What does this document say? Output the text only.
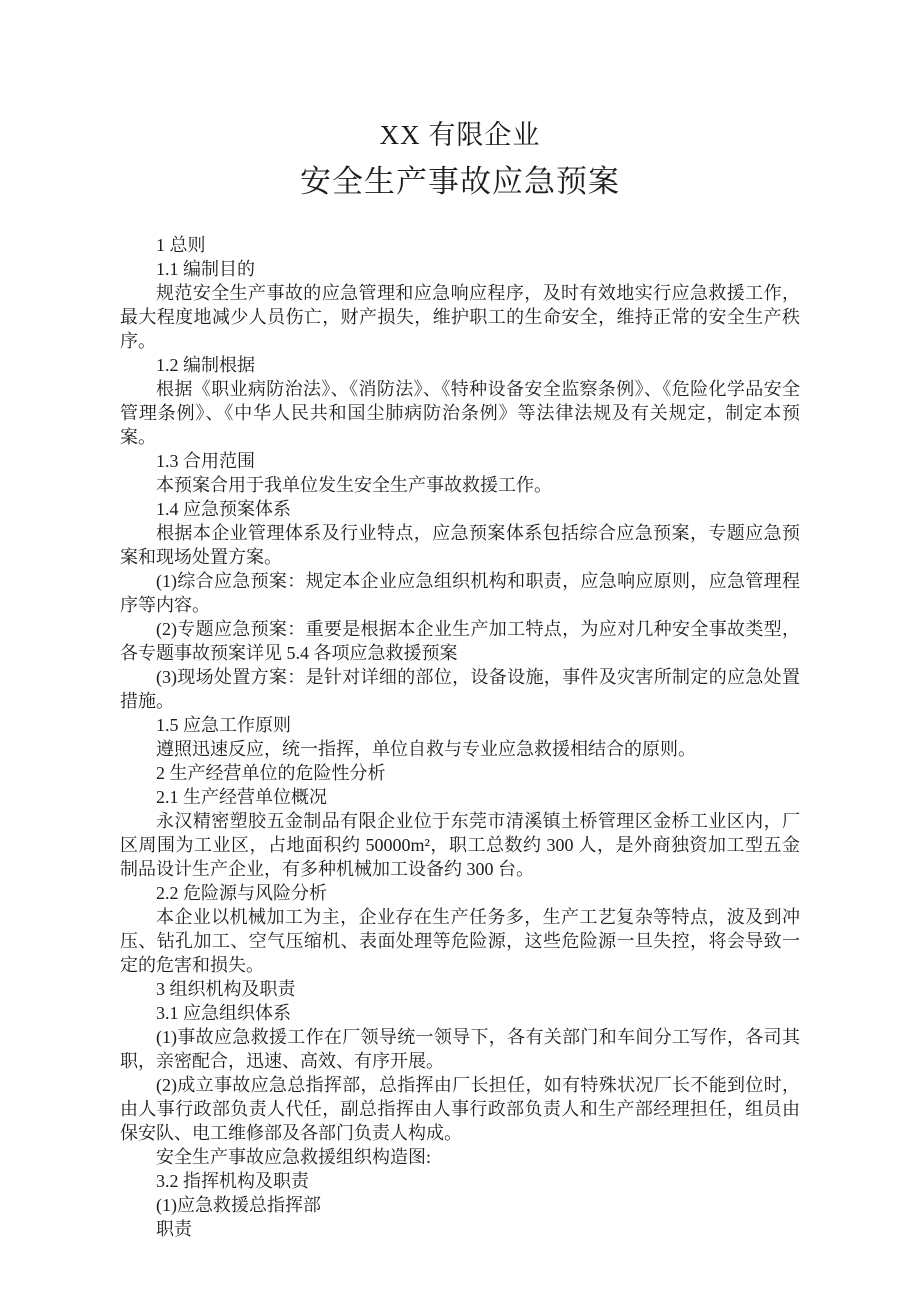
XX 有限企业
安全生产事故应急预案

1 总则

1.1 编制目的

规范安全生产事故的应急管理和应急响应程序，及时有效地实行应急救援工作，最大程度地减少人员伤亡，财产损失，维护职工的生命安全，维持正常的安全生产秩序。

1.2 编制根据

根据《职业病防治法》、《消防法》、《特种设备安全监察条例》、《危险化学品安全管理条例》、《中华人民共和国尘肺病防治条例》等法律法规及有关规定，制定本预案。

1.3 合用范围

本预案合用于我单位发生安全生产事故救援工作。

1.4 应急预案体系

根据本企业管理体系及行业特点，应急预案体系包括综合应急预案，专题应急预案和现场处置方案。

(1)综合应急预案：规定本企业应急组织机构和职责，应急响应原则，应急管理程序等内容。

(2)专题应急预案：重要是根据本企业生产加工特点，为应对几种安全事故类型，各专题事故预案详见 5.4 各项应急救援预案

(3)现场处置方案：是针对详细的部位，设备设施，事件及灾害所制定的应急处置措施。

1.5 应急工作原则

遵照迅速反应，统一指挥，单位自救与专业应急救援相结合的原则。

2 生产经营单位的危险性分析

2.1 生产经营单位概况

永汉精密塑胶五金制品有限企业位于东莞市清溪镇土桥管理区金桥工业区内，厂区周围为工业区，占地面积约 50000m²，职工总数约 300 人，是外商独资加工型五金制品设计生产企业，有多种机械加工设备约 300 台。

2.2 危险源与风险分析

本企业以机械加工为主，企业存在生产任务多，生产工艺复杂等特点，波及到冲压、钻孔加工、空气压缩机、表面处理等危险源，这些危险源一旦失控，将会导致一定的危害和损失。

3 组织机构及职责

3.1 应急组织体系

(1)事故应急救援工作在厂领导统一领导下，各有关部门和车间分工写作，各司其职，亲密配合，迅速、高效、有序开展。

(2)成立事故应急总指挥部，总指挥由厂长担任，如有特殊状况厂长不能到位时，由人事行政部负责人代任，副总指挥由人事行政部负责人和生产部经理担任，组员由保安队、电工维修部及各部门负责人构成。

安全生产事故应急救援组织构造图:

3.2 指挥机构及职责

(1)应急救援总指挥部

职责
